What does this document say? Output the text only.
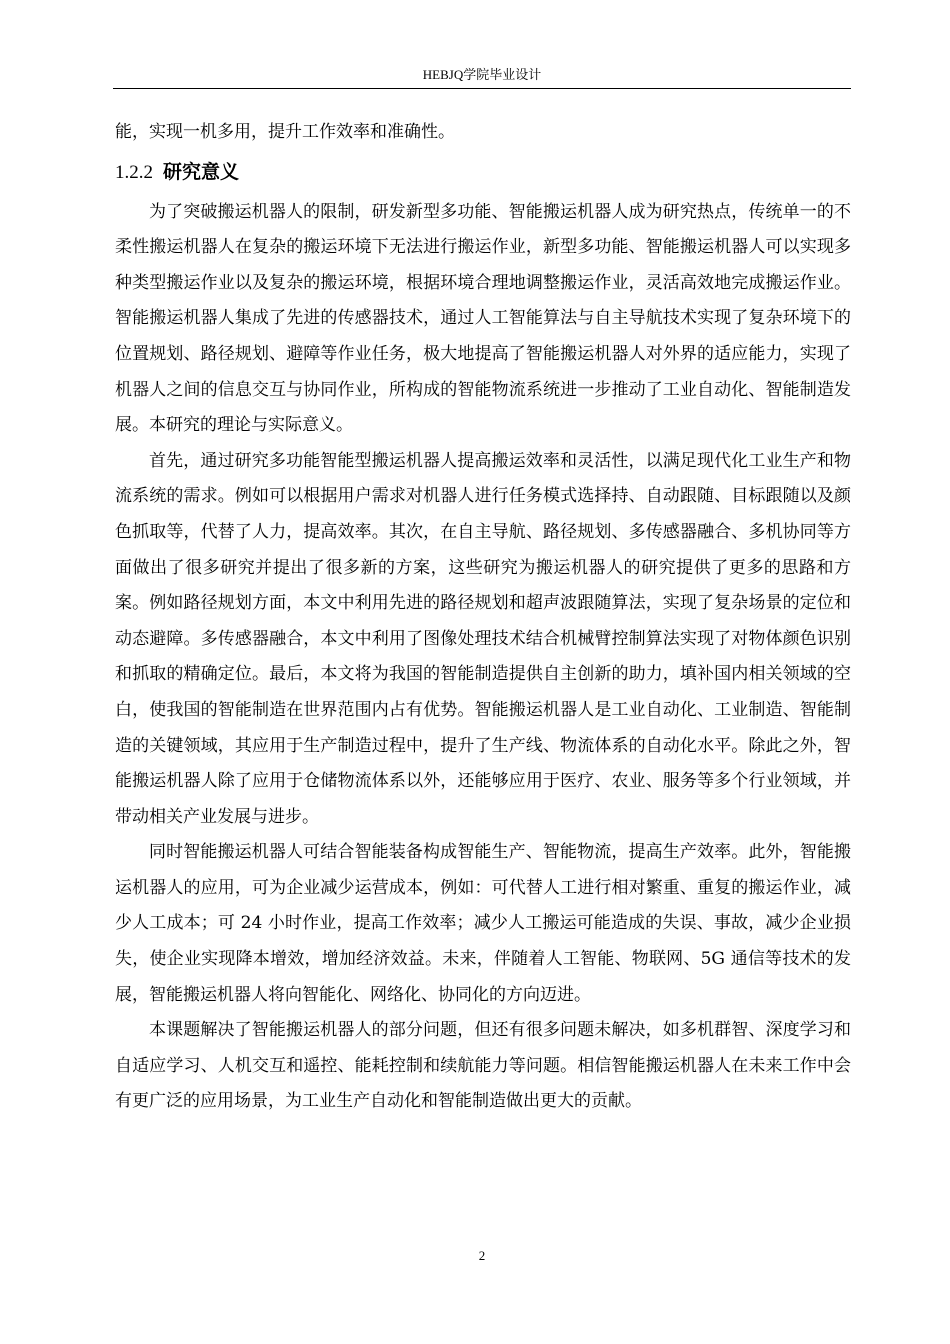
HEBJQ学院毕业设计

能，实现一机多用，提升工作效率和准确性。

1.2.2 研究意义

为了突破搬运机器人的限制，研发新型多功能、智能搬运机器人成为研究热点，传统单一的不柔性搬运机器人在复杂的搬运环境下无法进行搬运作业，新型多功能、智能搬运机器人可以实现多种类型搬运作业以及复杂的搬运环境，根据环境合理地调整搬运作业，灵活高效地完成搬运作业。智能搬运机器人集成了先进的传感器技术，通过人工智能算法与自主导航技术实现了复杂环境下的位置规划、路径规划、避障等作业任务，极大地提高了智能搬运机器人对外界的适应能力，实现了机器人之间的信息交互与协同作业，所构成的智能物流系统进一步推动了工业自动化、智能制造发展。本研究的理论与实际意义。

首先，通过研究多功能智能型搬运机器人提高搬运效率和灵活性，以满足现代化工业生产和物流系统的需求。例如可以根据用户需求对机器人进行任务模式选择持、自动跟随、目标跟随以及颜色抓取等，代替了人力，提高效率。其次，在自主导航、路径规划、多传感器融合、多机协同等方面做出了很多研究并提出了很多新的方案，这些研究为搬运机器人的研究提供了更多的思路和方案。例如路径规划方面，本文中利用先进的路径规划和超声波跟随算法，实现了复杂场景的定位和动态避障。多传感器融合，本文中利用了图像处理技术结合机械臂控制算法实现了对物体颜色识别和抓取的精确定位。最后，本文将为我国的智能制造提供自主创新的助力，填补国内相关领域的空白，使我国的智能制造在世界范围内占有优势。智能搬运机器人是工业自动化、工业制造、智能制造的关键领域，其应用于生产制造过程中，提升了生产线、物流体系的自动化水平。除此之外，智能搬运机器人除了应用于仓储物流体系以外，还能够应用于医疗、农业、服务等多个行业领域，并带动相关产业发展与进步。

同时智能搬运机器人可结合智能装备构成智能生产、智能物流，提高生产效率。此外，智能搬运机器人的应用，可为企业减少运营成本，例如：可代替人工进行相对繁重、重复的搬运作业，减少人工成本；可 24 小时作业，提高工作效率；减少人工搬运可能造成的失误、事故，减少企业损失，使企业实现降本增效，增加经济效益。未来，伴随着人工智能、物联网、5G 通信等技术的发展，智能搬运机器人将向智能化、网络化、协同化的方向迈进。

本课题解决了智能搬运机器人的部分问题，但还有很多问题未解决，如多机群智、深度学习和自适应学习、人机交互和遥控、能耗控制和续航能力等问题。相信智能搬运机器人在未来工作中会有更广泛的应用场景，为工业生产自动化和智能制造做出更大的贡献。

2
